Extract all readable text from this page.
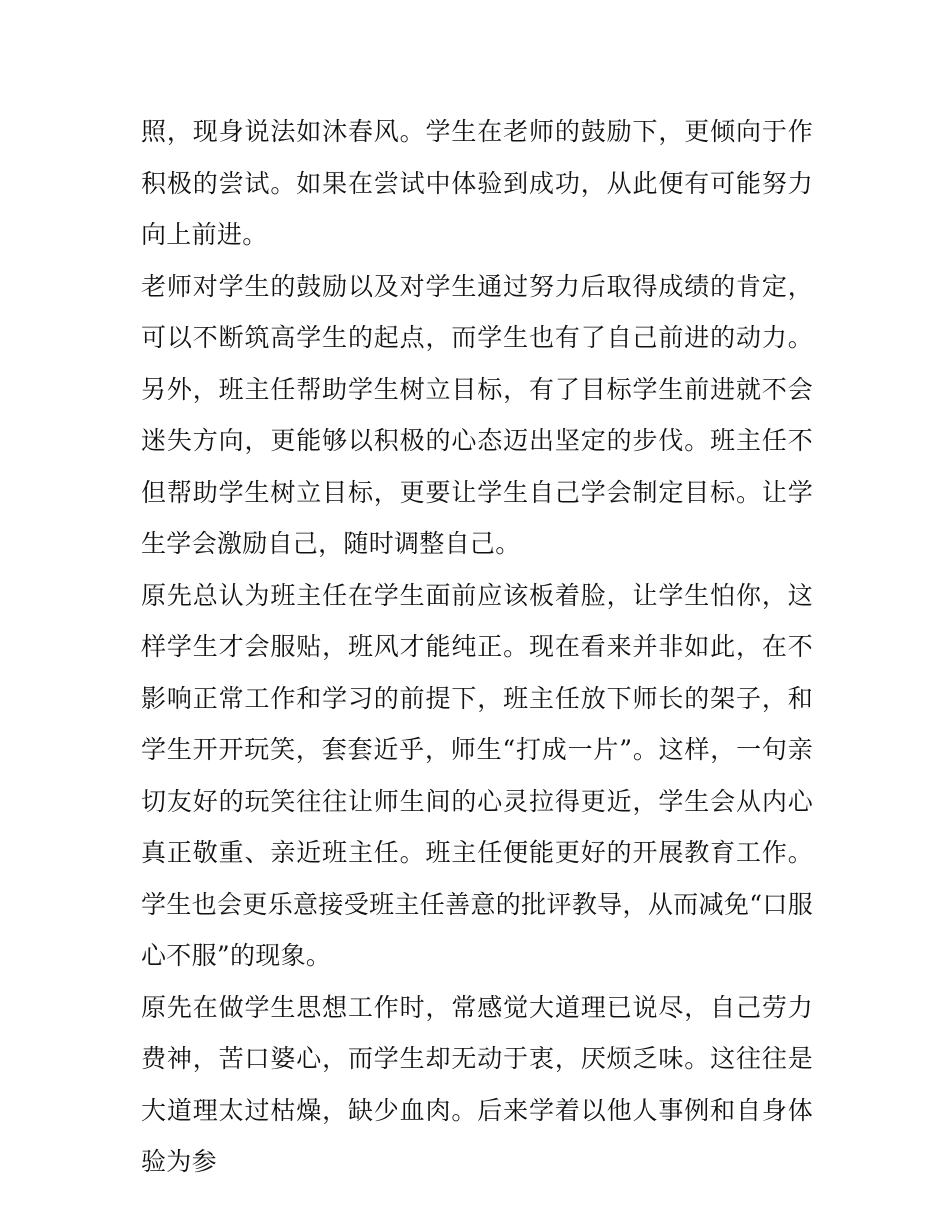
照，现身说法如沐春风。学生在老师的鼓励下，更倾向于作积极的尝试。如果在尝试中体验到成功，从此便有可能努力向上前进。

老师对学生的鼓励以及对学生通过努力后取得成绩的肯定，可以不断筑高学生的起点，而学生也有了自己前进的动力。另外，班主任帮助学生树立目标，有了目标学生前进就不会迷失方向，更能够以积极的心态迈出坚定的步伐。班主任不但帮助学生树立目标，更要让学生自己学会制定目标。让学生学会激励自己，随时调整自己。

原先总认为班主任在学生面前应该板着脸，让学生怕你，这样学生才会服贴，班风才能纯正。现在看来并非如此，在不影响正常工作和学习的前提下，班主任放下师长的架子，和学生开开玩笑，套套近乎，师生“打成一片”。这样，一句亲切友好的玩笑往往让师生间的心灵拉得更近，学生会从内心真正敬重、亲近班主任。班主任便能更好的开展教育工作。学生也会更乐意接受班主任善意的批评教导，从而减免“口服心不服”的现象。

原先在做学生思想工作时，常感觉大道理已说尽，自己劳力费神，苦口婆心，而学生却无动于衷，厌烦乏味。这往往是大道理太过枯燥，缺少血肉。后来学着以他人事例和自身体验为参
